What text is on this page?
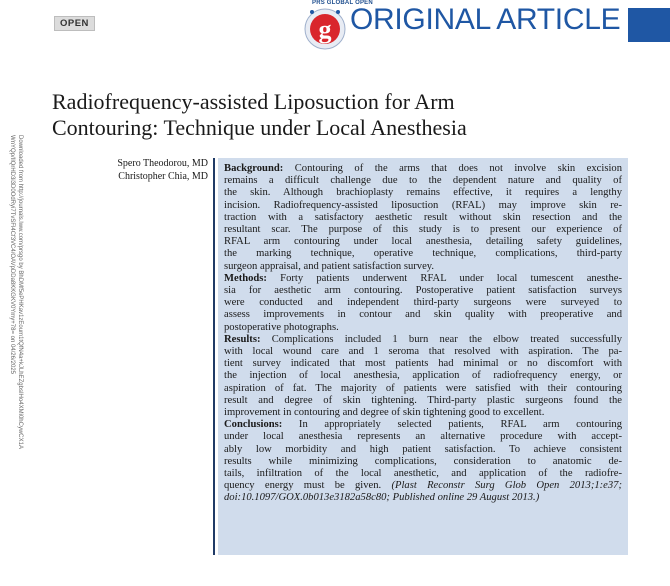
OPEN	g
PRS GLOBAL OPEN
ORIGINAL ARTICLE
Radiofrequency-assisted Liposuction for Arm
Contouring: Technique under Local Anesthesia
Downloaded from http://journals.lww.com/prsgo by BhDMf5ePHKav1zEoum1tQfN4a+kJLhEZgbsIHo4XMi0hCywCX1A
WnYQp/IlQrHD3i3D0OdRyi7TvSFl4Cf3VC4/OAVpDDa8KKGKV0Ymy+78= on 04/26/2025	Spero Theodorou, MD
Christopher Chia, MD
Background: Contouring of the arms that does not involve skin excision
remains a difficult challenge due to the dependent nature and quality of
the skin. Although brachioplasty remains effective, it requires a lengthy
incision. Radiofrequency-assisted liposuction (RFAL) may improve skin re-
traction with a satisfactory aesthetic result without skin resection and the
resultant scar. The purpose of this study is to present our experience of
RFAL arm contouring under local anesthesia, detailing safety guidelines,
the marking technique, operative technique, complications, third-party
surgeon appraisal, and patient satisfaction survey.
Methods: Forty patients underwent RFAL under local tumescent anesthe-
sia for aesthetic arm contouring. Postoperative patient satisfaction surveys
were conducted and independent third-party surgeons were surveyed to
assess improvements in contour and skin quality with preoperative and
postoperative photographs.
Results: Complications included 1 burn near the elbow treated successfully
with local wound care and 1 seroma that resolved with aspiration. The pa-
tient survey indicated that most patients had minimal or no discomfort with
the injection of local anesthesia, application of radiofrequency energy, or
aspiration of fat. The majority of patients were satisfied with their contouring
result and degree of skin tightening. Third-party plastic surgeons found the
improvement in contouring and degree of skin tightening good to excellent.
Conclusions: In appropriately selected patients, RFAL arm contouring
under local anesthesia represents an alternative procedure with accept-
ably low morbidity and high patient satisfaction. To achieve consistent
results while minimizing complications, consideration to anatomic de-
tails, infiltration of the local anesthetic, and application of the radiofre-
quency energy must be given. (Plast Reconstr Surg Glob Open 2013;1:e37;
doi:10.1097/GOX.0b013e3182a58c80; Published online 29 August 2013.)
